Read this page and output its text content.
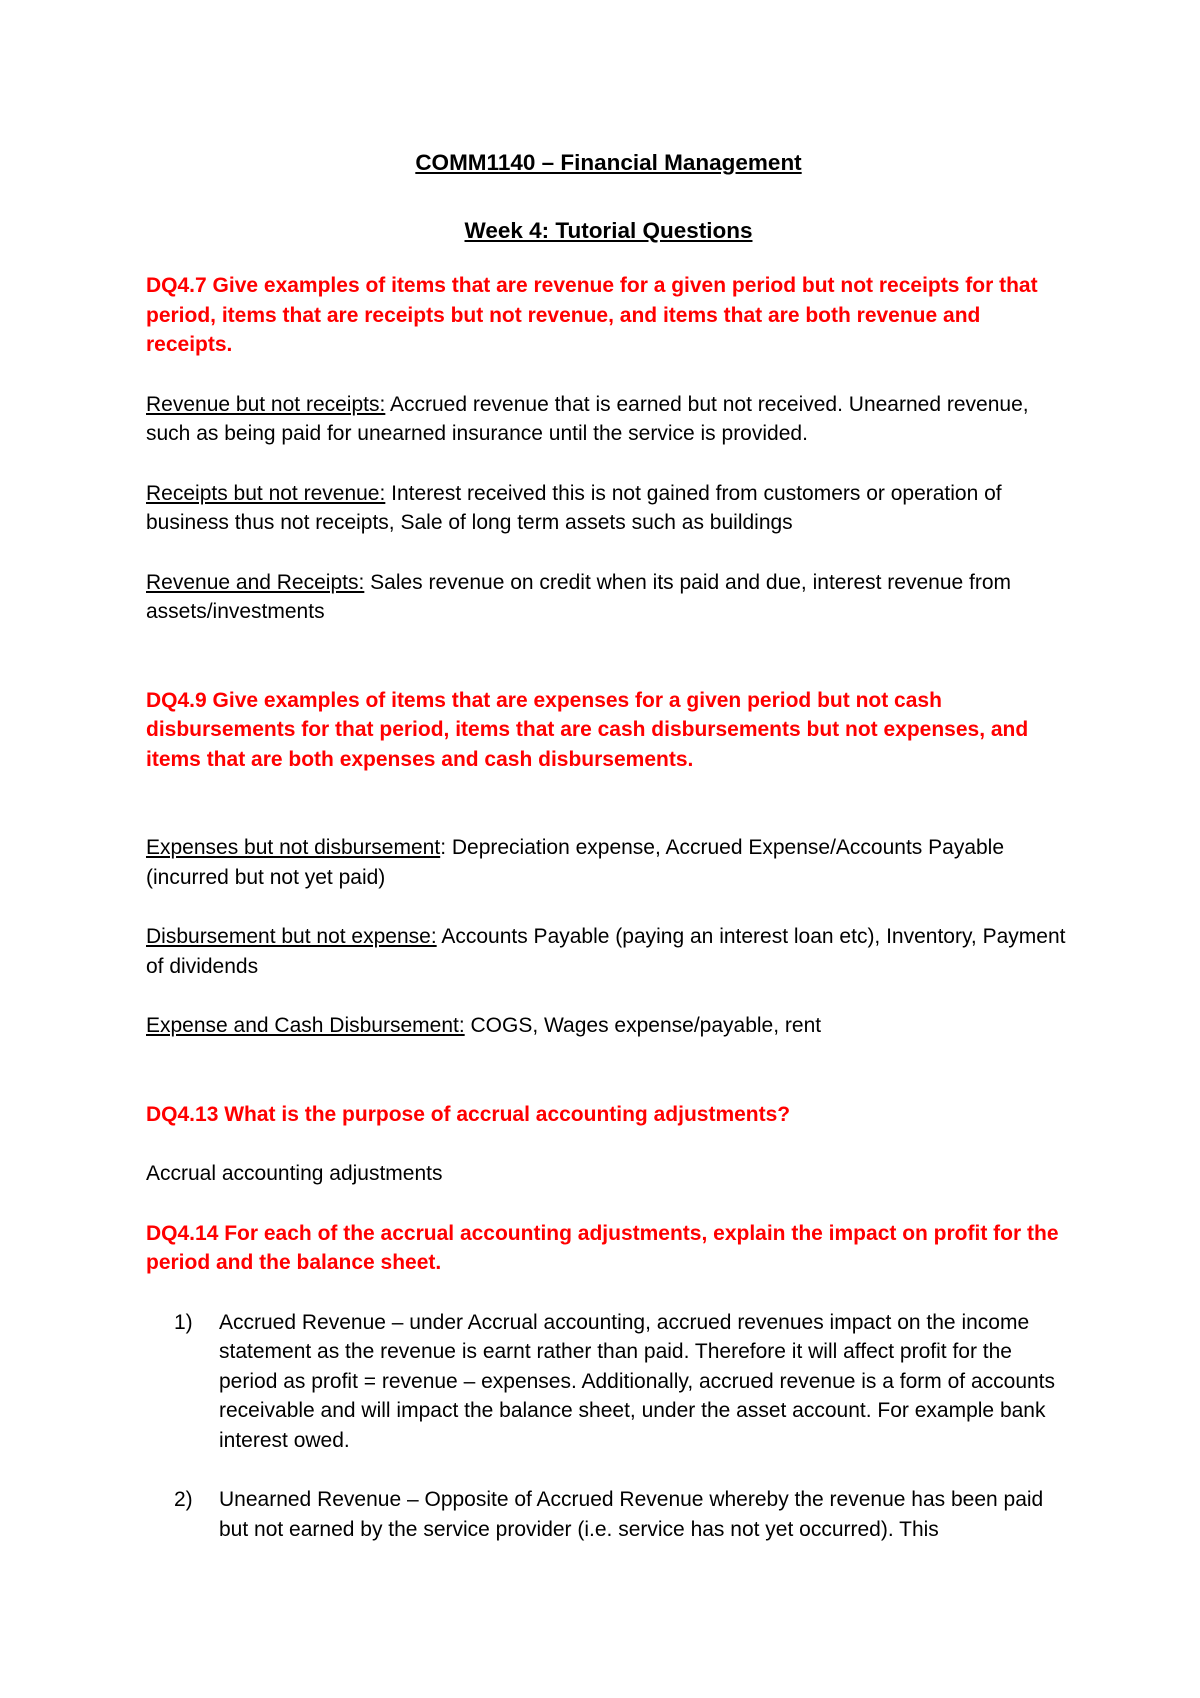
COMM1140 – Financial Management

Week 4: Tutorial Questions

DQ4.7 Give examples of items that are revenue for a given period but not receipts for that period, items that are receipts but not revenue, and items that are both revenue and receipts.

Revenue but not receipts: Accrued revenue that is earned but not received. Unearned revenue, such as being paid for unearned insurance until the service is provided.

Receipts but not revenue: Interest received this is not gained from customers or operation of business thus not receipts, Sale of long term assets such as buildings

Revenue and Receipts: Sales revenue on credit when its paid and due, interest revenue from assets/investments

DQ4.9 Give examples of items that are expenses for a given period but not cash disbursements for that period, items that are cash disbursements but not expenses, and items that are both expenses and cash disbursements.

Expenses but not disbursement: Depreciation expense, Accrued Expense/Accounts Payable (incurred but not yet paid)

Disbursement but not expense: Accounts Payable (paying an interest loan etc), Inventory, Payment of dividends

Expense and Cash Disbursement: COGS, Wages expense/payable, rent

DQ4.13 What is the purpose of accrual accounting adjustments?

Accrual accounting adjustments

DQ4.14 For each of the accrual accounting adjustments, explain the impact on profit for the period and the balance sheet.

1) Accrued Revenue – under Accrual accounting, accrued revenues impact on the income statement as the revenue is earnt rather than paid. Therefore it will affect profit for the period as profit = revenue – expenses. Additionally, accrued revenue is a form of accounts receivable and will impact the balance sheet, under the asset account. For example bank interest owed.
2) Unearned Revenue – Opposite of Accrued Revenue whereby the revenue has been paid but not earned by the service provider (i.e. service has not yet occurred). This
